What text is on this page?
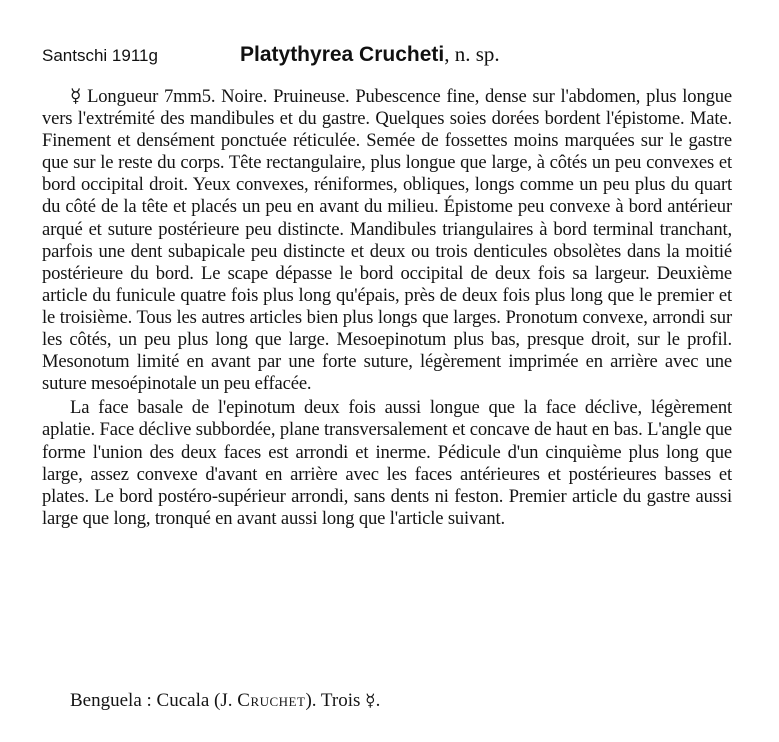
Santschi 1911g	Platythyrea Crucheti, n. sp.

☿ Longueur 7mm5. Noire. Pruineuse. Pubescence fine, dense sur l'abdomen, plus longue vers l'extrémité des mandibules et du gastre. Quelques soies dorées bordent l'épistome. Mate. Finement et densément ponctuée réticulée. Semée de fossettes moins marquées sur le gastre que sur le reste du corps. Tête rectangulaire, plus longue que large, à côtés un peu convexes et bord occipital droit. Yeux convexes, réniformes, obliques, longs comme un peu plus du quart du côté de la tête et placés un peu en avant du milieu. Épistome peu convexe à bord antérieur arqué et suture postérieure peu distincte. Mandibules triangulaires à bord terminal tranchant, parfois une dent subapicale peu distincte et deux ou trois denticules obsolètes dans la moitié postérieure du bord. Le scape dépasse le bord occipital de deux fois sa largeur. Deuxième article du funicule quatre fois plus long qu'épais, près de deux fois plus long que le premier et le troisième. Tous les autres articles bien plus longs que larges. Pronotum convexe, arrondi sur les côtés, un peu plus long que large. Mesoepinotum plus bas, presque droit, sur le profil. Mesonotum limité en avant par une forte suture, légèrement imprimée en arrière avec une suture mesoépinotale un peu effacée.

La face basale de l'epinotum deux fois aussi longue que la face déclive, légèrement aplatie. Face déclive subbordée, plane transversalement et concave de haut en bas. L'angle que forme l'union des deux faces est arrondi et inerme. Pédicule d'un cinquième plus long que large, assez convexe d'avant en arrière avec les faces antérieures et postérieures basses et plates. Le bord postéro-supérieur arrondi, sans dents ni feston. Premier article du gastre aussi large que long, tronqué en avant aussi long que l'article suivant.

Benguela : Cucala (J. Cruchet). Trois ☿.
